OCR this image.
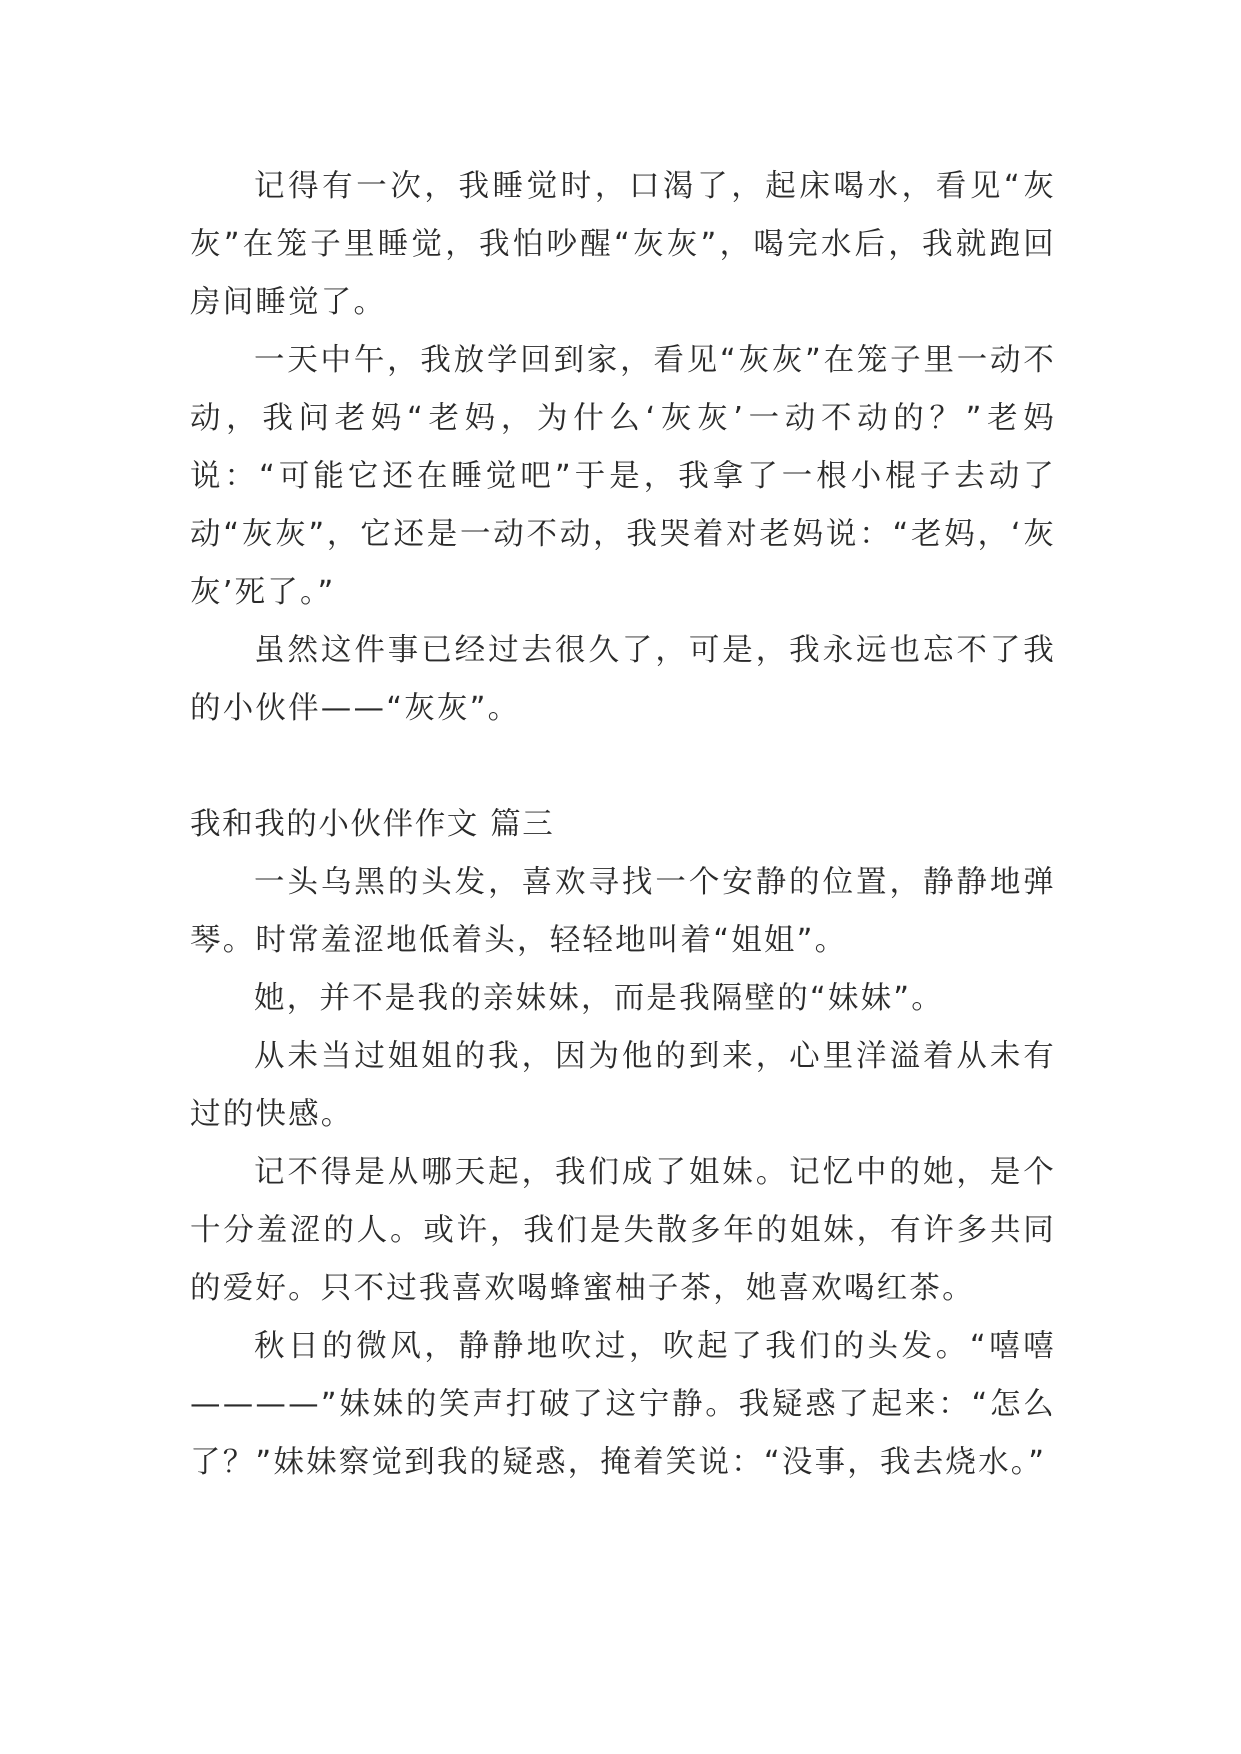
记得有一次，我睡觉时，口渴了，起床喝水，看见“灰灰”在笼子里睡觉，我怕吵醒“灰灰”，喝完水后，我就跑回房间睡觉了。

一天中午，我放学回到家，看见“灰灰”在笼子里一动不动，我问老妈“老妈，为什么‘灰灰’一动不动的？”老妈说：“可能它还在睡觉吧”于是，我拿了一根小棍子去动了动“灰灰”，它还是一动不动，我哭着对老妈说：“老妈，‘灰灰’死了。”

虽然这件事已经过去很久了，可是，我永远也忘不了我的小伙伴——“灰灰”。

我和我的小伙伴作文 篇三

一头乌黑的头发，喜欢寻找一个安静的位置，静静地弹琴。时常羞涩地低着头，轻轻地叫着“姐姐”。

她，并不是我的亲妹妹，而是我隔壁的“妹妹”。

从未当过姐姐的我，因为他的到来，心里洋溢着从未有过的快感。

记不得是从哪天起，我们成了姐妹。记忆中的她，是个十分羞涩的人。或许，我们是失散多年的姐妹，有许多共同的爱好。只不过我喜欢喝蜂蜜柚子茶，她喜欢喝红茶。

秋日的微风，静静地吹过，吹起了我们的头发。“嘻嘻————”妹妹的笑声打破了这宁静。我疑惑了起来：“怎么了？”妹妹察觉到我的疑惑，掩着笑说：“没事，我去烧水。”
